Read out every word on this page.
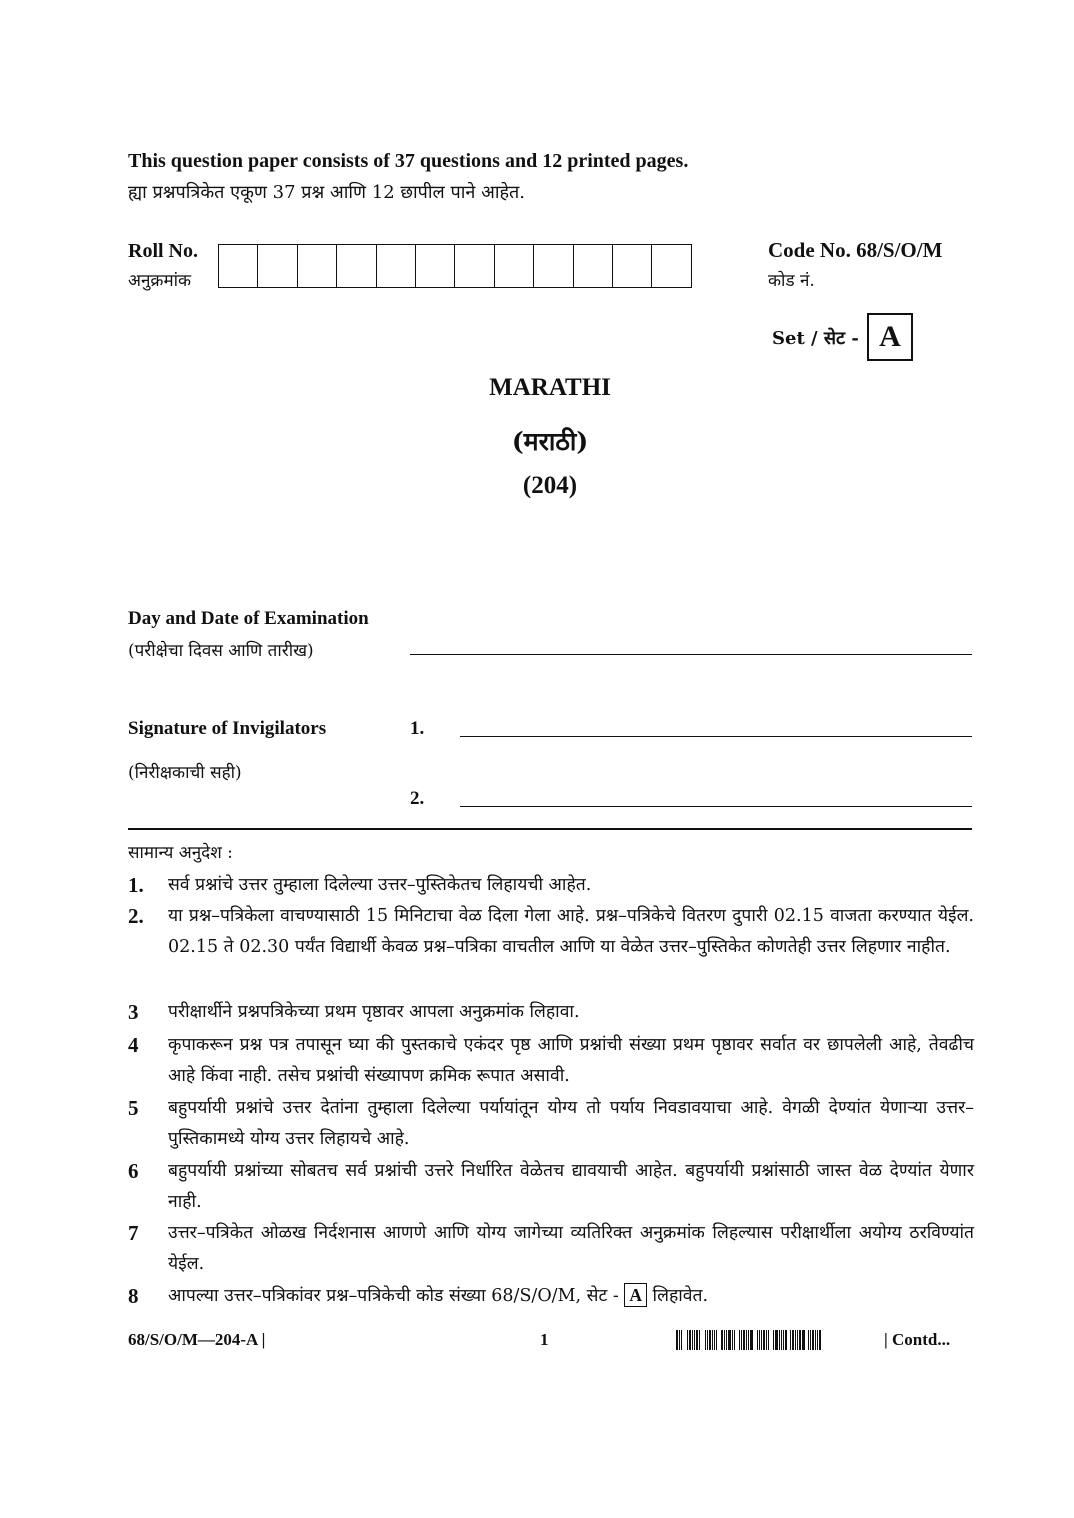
This question paper consists of 37 questions and 12 printed pages.
ह्या प्रश्नपत्रिकेत एकूण 37 प्रश्न आणि 12 छापील पाने आहेत.
Roll No.
अनुक्रमांक
Code No. 68/S/O/M
कोड नं.
Set / सेट - A
MARATHI
(मराठी)
(204)
Day and Date of Examination
(परीक्षेचा दिवस आणि तारीख)
Signature of Invigilators
(निरीक्षकाची सही)
1.
2.
सामान्य अनुदेश :
1. सर्व प्रश्नांचे उत्तर तुम्हाला दिलेल्या उत्तर–पुस्तिकेतच लिहायची आहेत.
2. या प्रश्न–पत्रिकेला वाचण्यासाठी 15 मिनिटाचा वेळ दिला गेला आहे. प्रश्न–पत्रिकेचे वितरण दुपारी 02.15 वाजता करण्यात येईल. 02.15 ते 02.30 पर्यंत विद्यार्थी केवळ प्रश्न–पत्रिका वाचतील आणि या वेळेत उत्तर–पुस्तिकेत कोणतेही उत्तर लिहणार नाहीत.
3 परीक्षार्थीने प्रश्नपत्रिकेच्या प्रथम पृष्ठावर आपला अनुक्रमांक लिहावा.
4 कृपाकरून प्रश्न पत्र तपासून घ्या की पुस्तकाचे एकंदर पृष्ठ आणि प्रश्नांची संख्या प्रथम पृष्ठावर सर्वात वर छापलेली आहे, तेवढीच आहे किंवा नाही. तसेच प्रश्नांची संख्यापण क्रमिक रूपात असावी.
5 बहुपर्यायी प्रश्नांचे उत्तर देतांना तुम्हाला दिलेल्या पर्यायांतून योग्य तो पर्याय निवडावयाचा आहे. वेगळी देण्यांत येणाऱ्या उत्तर–पुस्तिकामध्ये योग्य उत्तर लिहायचे आहे.
6 बहुपर्यायी प्रश्नांच्या सोबतच सर्व प्रश्नांची उत्तरे निर्धारित वेळेतच द्यावयाची आहेत. बहुपर्यायी प्रश्नांसाठी जास्त वेळ देण्यांत येणार नाही.
7 उत्तर–पत्रिकेत ओळख निर्दशनास आणणे आणि योग्य जागेच्या व्यतिरिक्त अनुक्रमांक लिहल्यास परीक्षार्थीला अयोग्य ठरविण्यांत येईल.
8 आपल्या उत्तर–पत्रिकांवर प्रश्न–पत्रिकेची कोड संख्या 68/S/O/M, सेट - A लिहावेत.
68/S/O/M—204-A |	1	| Contd...
